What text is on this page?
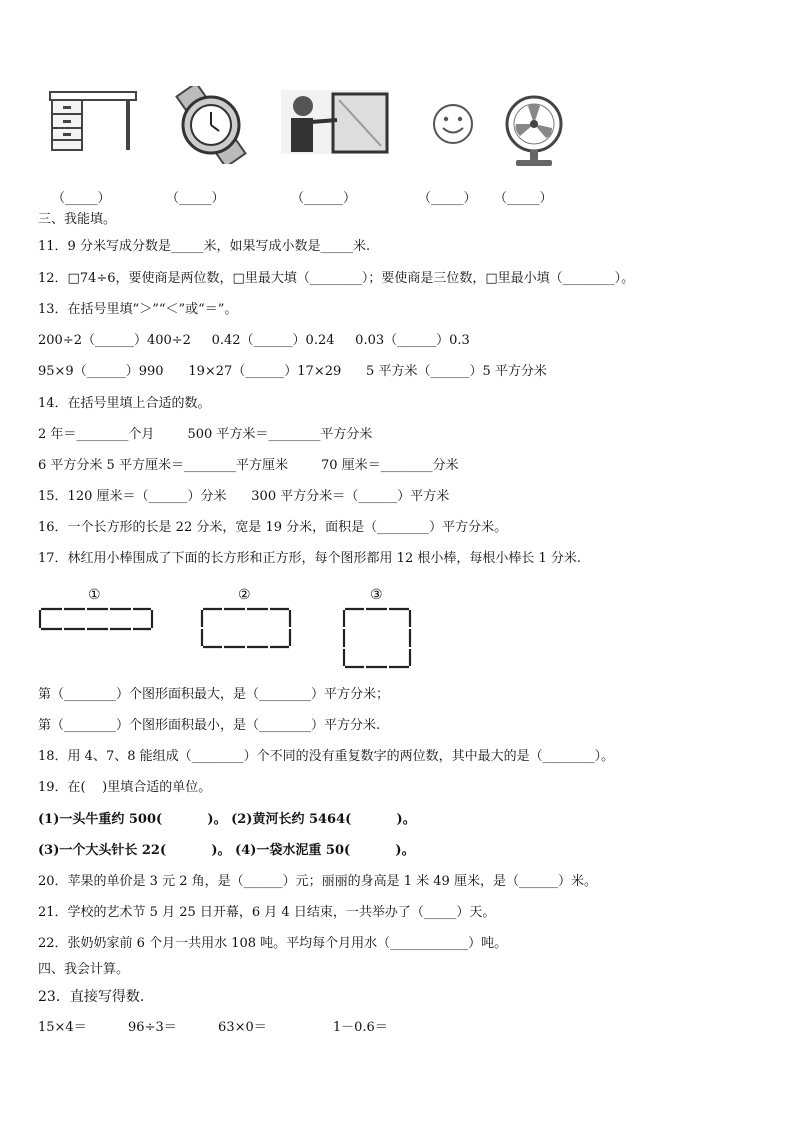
（_____）	（_____）	（______）	（_____） （_____）
三、我能填。
11．9 分米写成分数是_____米，如果写成小数是_____米.
12．□74÷6，要使商是两位数，□里最大填（________）；要使商是三位数，□里最小填（________）。
13．在括号里填“＞”“＜”或“＝”。
200÷2（______）400÷2     0.42（______）0.24     0.03（______）0.3
95×9（______）990      19×27（______）17×29      5 平方米（______）5 平方分米
14．在括号里填上合适的数。
2 年＝________个月        500 平方米＝________平方分米
6 平方分米 5 平方厘米＝________平方厘米        70 厘米＝________分米
15．120 厘米＝（______）分米      300 平方分米＝（______）平方米
16．一个长方形的长是 22 分米，宽是 19 分米，面积是（________）平方分米。
17．林红用小棒围成了下面的长方形和正方形，每个图形都用 12 根小棒，每根小棒长 1 分米.
①	②	③
第（________）个图形面积最大，是（________）平方分米；
第（________）个图形面积最小，是（________）平方分米.
18．用 4、7、8 能组成（________）个不同的没有重复数字的两位数，其中最大的是（________）。
19．在(    )里填合适的单位。
(1)一头牛重约 500(          )。 (2)黄河长约 5464(          )。
(3)一个大头针长 22(          )。 (4)一袋水泥重 50(          )。
20．苹果的单价是 3 元 2 角，是（______）元；丽丽的身高是 1 米 49 厘米，是（______）米。
21．学校的艺术节 5 月 25 日开幕，6 月 4 日结束，一共举办了（_____）天。
22．张奶奶家前 6 个月一共用水 108 吨。平均每个月用水（____________）吨。
四、我会计算。
23．直接写得数.
15×4＝          96÷3＝          63×0＝                1－0.6＝
